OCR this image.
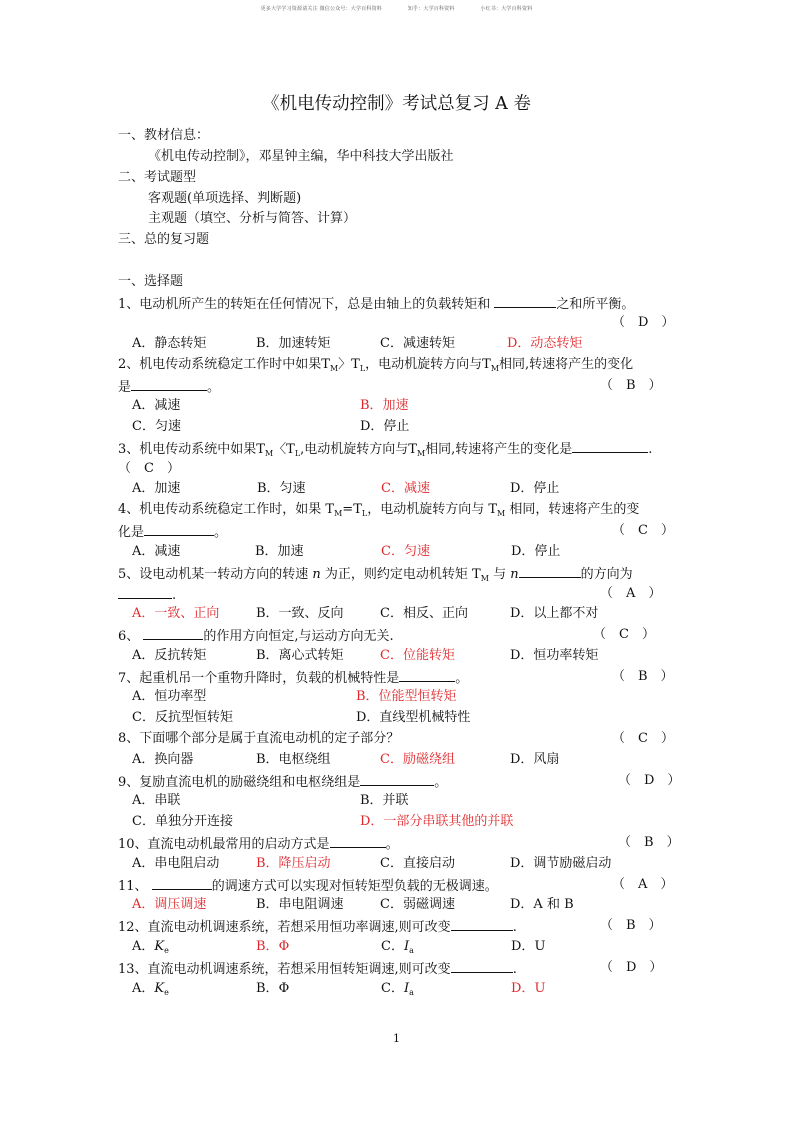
更多大学学习资源请关注 微信公众号：大学百科资料	知乎：大学百科资料	小红书：大学百科资料
《机电传动控制》考试总复习 A 卷
一、教材信息：
《机电传动控制》，邓星钟主编，华中科技大学出版社
二、考试题型
客观题(单项选择、判断题)
主观题（填空、分析与简答、计算）
三、总的复习题
一、选择题
1、电动机所产生的转矩在任何情况下，总是由轴上的负载转矩和	之和所平衡。
（　D　）
A．静态转矩	B．加速转矩	C．减速转矩	D．动态转矩
2、机电传动系统稳定工作时中如果$T_M$〉$T_L$，电动机旋转方向与$T_M$相同,转速将产生的变化
是	。	（　B　）
A．减速	B．加速
C．匀速	D．停止
3、机电传动系统中如果$T_M$〈$T_L$,电动机旋转方向与$T_M$相同,转速将产生的变化是	.
（　C　）
A．加速	B．匀速	C．减速	D．停止
4、机电传动系统稳定工作时，如果 $T_M=T_L$，电动机旋转方向与 $T_M$ 相同，转速将产生的变
化是	。	（　C　）
A．减速	B．加速	C．匀速	D．停止
5、设电动机某一转动方向的转速 n 为正，则约定电动机转矩 $T_M$ 与 n	的方向为
.	（　A　）
A．一致、正向	B．一致、反向	C．相反、正向	D．以上都不对
6、	的作用方向恒定,与运动方向无关.	（　C　）
A．反抗转矩	B．离心式转矩	C．位能转矩	D．恒功率转矩
7、起重机吊一个重物升降时，负载的机械特性是	。	（　B　）
A．恒功率型	B．位能型恒转矩
C．反抗型恒转矩	D．直线型机械特性
8、下面哪个部分是属于直流电动机的定子部分？	（　C　）
A．换向器	B．电枢绕组	C．励磁绕组	D．风扇
9、复励直流电机的励磁绕组和电枢绕组是	。	（　D　）
A．串联	B．并联
C．单独分开连接	D．一部分串联其他的并联
10、直流电动机最常用的启动方式是	。	（　B　）
A．串电阻启动	B．降压启动	C．直接启动	D．调节励磁启动
11、	的调速方式可以实现对恒转矩型负载的无极调速。	（　A　）
A．调压调速	B．串电阻调速	C．弱磁调速	D．A 和 B
12、直流电动机调速系统，若想采用恒功率调速,则可改变	.	（　B　）
A．$K_e$	B．Φ	C．$I_a$	D．U
13、直流电动机调速系统，若想采用恒转矩调速,则可改变	.	（　D　）
A．$K_e$	B．Φ	C．$I_a$	D．U
1
